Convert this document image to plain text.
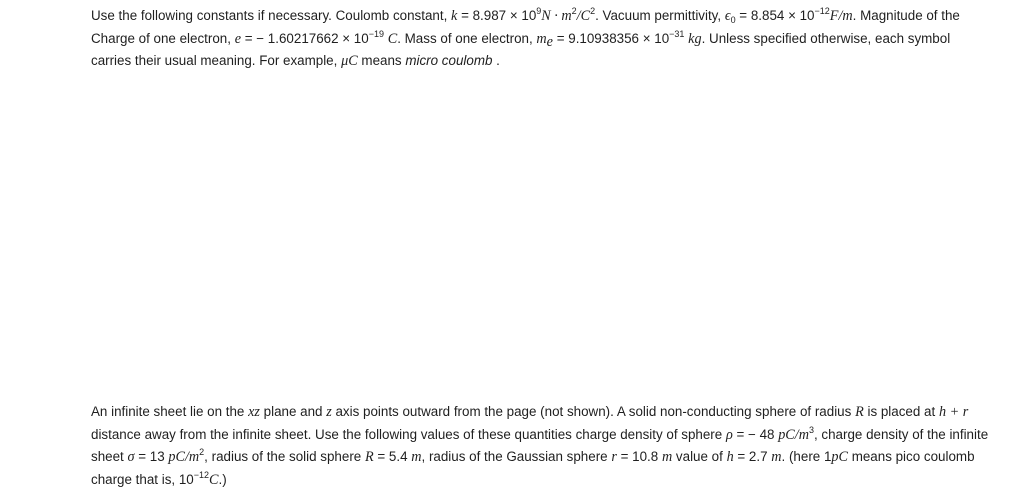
Use the following constants if necessary. Coulomb constant, $k = 8.987 \times 10^9N \cdot m^2/C^2$. Vacuum permittivity, $\epsilon_0 = 8.854 \times 10^{-12}F/m$. Magnitude of the Charge of one electron, e = − $1.60217662 \times 10^{-19}$ C. Mass of one electron, $m_e = 9.10938356 \times 10^{-31}$ kg. Unless specified otherwise, each symbol carries their usual meaning. For example, μC means micro coulomb .

An infinite sheet lie on the xz plane and z axis points outward from the page (not shown). A solid non-conducting sphere of radius R is placed at h + r distance away from the infinite sheet. Use the following values of these quantities charge density of sphere ρ = − 48 $pC/m^3$, charge density of the infinite sheet σ = 13 $pC/m^2$, radius of the solid sphere R = 5.4 m, radius of the Gaussian sphere r = 10.8 m value of h = 2.7 m. (here 1pC means pico coulomb charge that is, $10^{-12}C$.)
